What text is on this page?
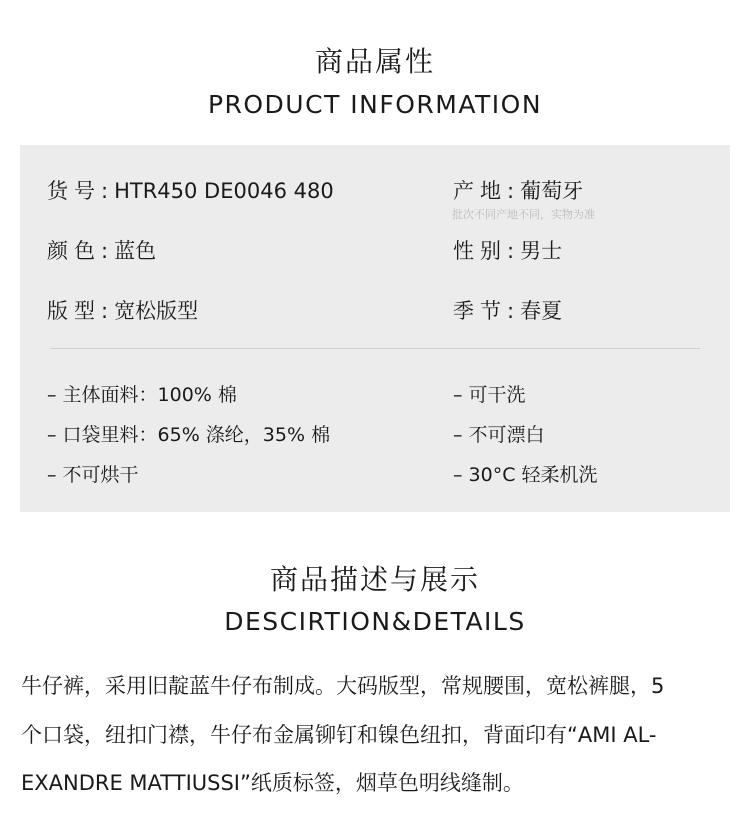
商品属性
PRODUCT INFORMATION
货号:HTR450 DE0046 480	产地:葡萄牙
批次不同产地不同，实物为准
颜色:蓝色	性别:男士
版型:宽松版型	季节:春夏
– 主体面料：100% 棉
– 口袋里料：65% 涤纶，35% 棉
– 不可烘干
– 可干洗
– 不可漂白
– 30°C 轻柔机洗
商品描述与展示
DESCIRTION&DETAILS
牛仔裤，采用旧靛蓝牛仔布制成。大码版型，常规腰围，宽松裤腿，5
个口袋，纽扣门襟，牛仔布金属铆钉和镍色纽扣，背面印有“AMI AL-
EXANDRE MATTIUSSI”纸质标签，烟草色明线缝制。
